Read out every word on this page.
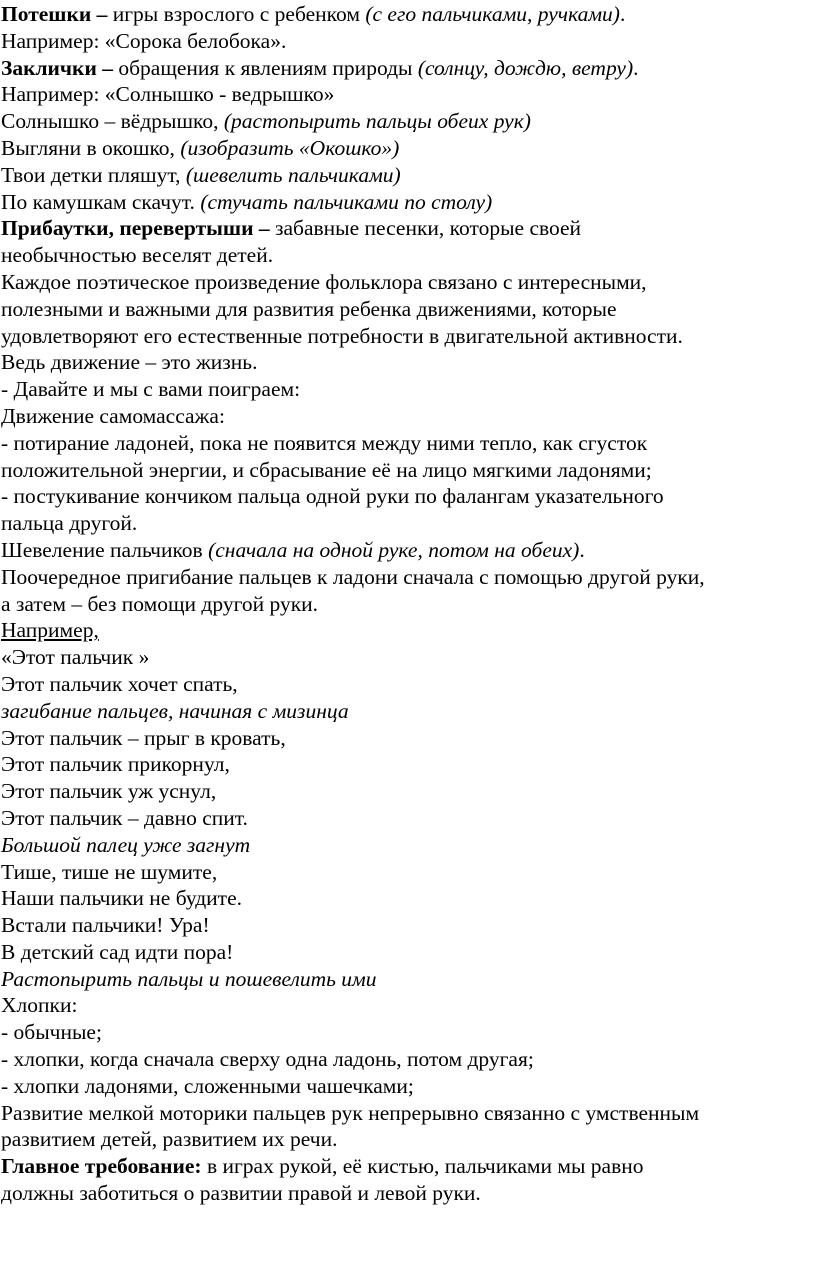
Потешки – игры взрослого с ребенком (с его пальчиками, ручками).
Например: «Сорока белобока».
Заклички – обращения к явлениям природы (солнцу, дождю, ветру).
Например: «Солнышко - ведрышко»
Солнышко – вёдрышко, (растопырить пальцы обеих рук)
Выгляни в окошко, (изобразить «Окошко»)
Твои детки пляшут, (шевелить пальчиками)
По камушкам скачут. (стучать пальчиками по столу)
Прибаутки, перевертыши – забавные песенки, которые своей
необычностью веселят детей.
Каждое поэтическое произведение фольклора связано с интересными,
полезными и важными для развития ребенка движениями, которые
удовлетворяют его естественные потребности в двигательной активности.
Ведь движение – это жизнь.
- Давайте и мы с вами поиграем:
Движение самомассажа:
- потирание ладоней, пока не появится между ними тепло, как сгусток
положительной энергии, и сбрасывание её на лицо мягкими ладонями;
- постукивание кончиком пальца одной руки по фалангам указательного
пальца другой.
Шевеление пальчиков (сначала на одной руке, потом на обеих).
Поочередное пригибание пальцев к ладони сначала с помощью другой руки,
а затем – без помощи другой руки.
Например,
«Этот пальчик »
Этот пальчик хочет спать,
загибание пальцев, начиная с мизинца
Этот пальчик – прыг в кровать,
Этот пальчик прикорнул,
Этот пальчик уж уснул,
Этот пальчик – давно спит.
Большой палец уже загнут
Тише, тише не шумите,
Наши пальчики не будите.
Встали пальчики! Ура!
В детский сад идти пора!
Растопырить пальцы и пошевелить ими
Хлопки:
- обычные;
- хлопки, когда сначала сверху одна ладонь, потом другая;
- хлопки ладонями, сложенными чашечками;
Развитие мелкой моторики пальцев рук непрерывно связанно с умственным
развитием детей, развитием их речи.
Главное требование: в играх рукой, её кистью, пальчиками мы равно
должны заботиться о развитии правой и левой руки.
